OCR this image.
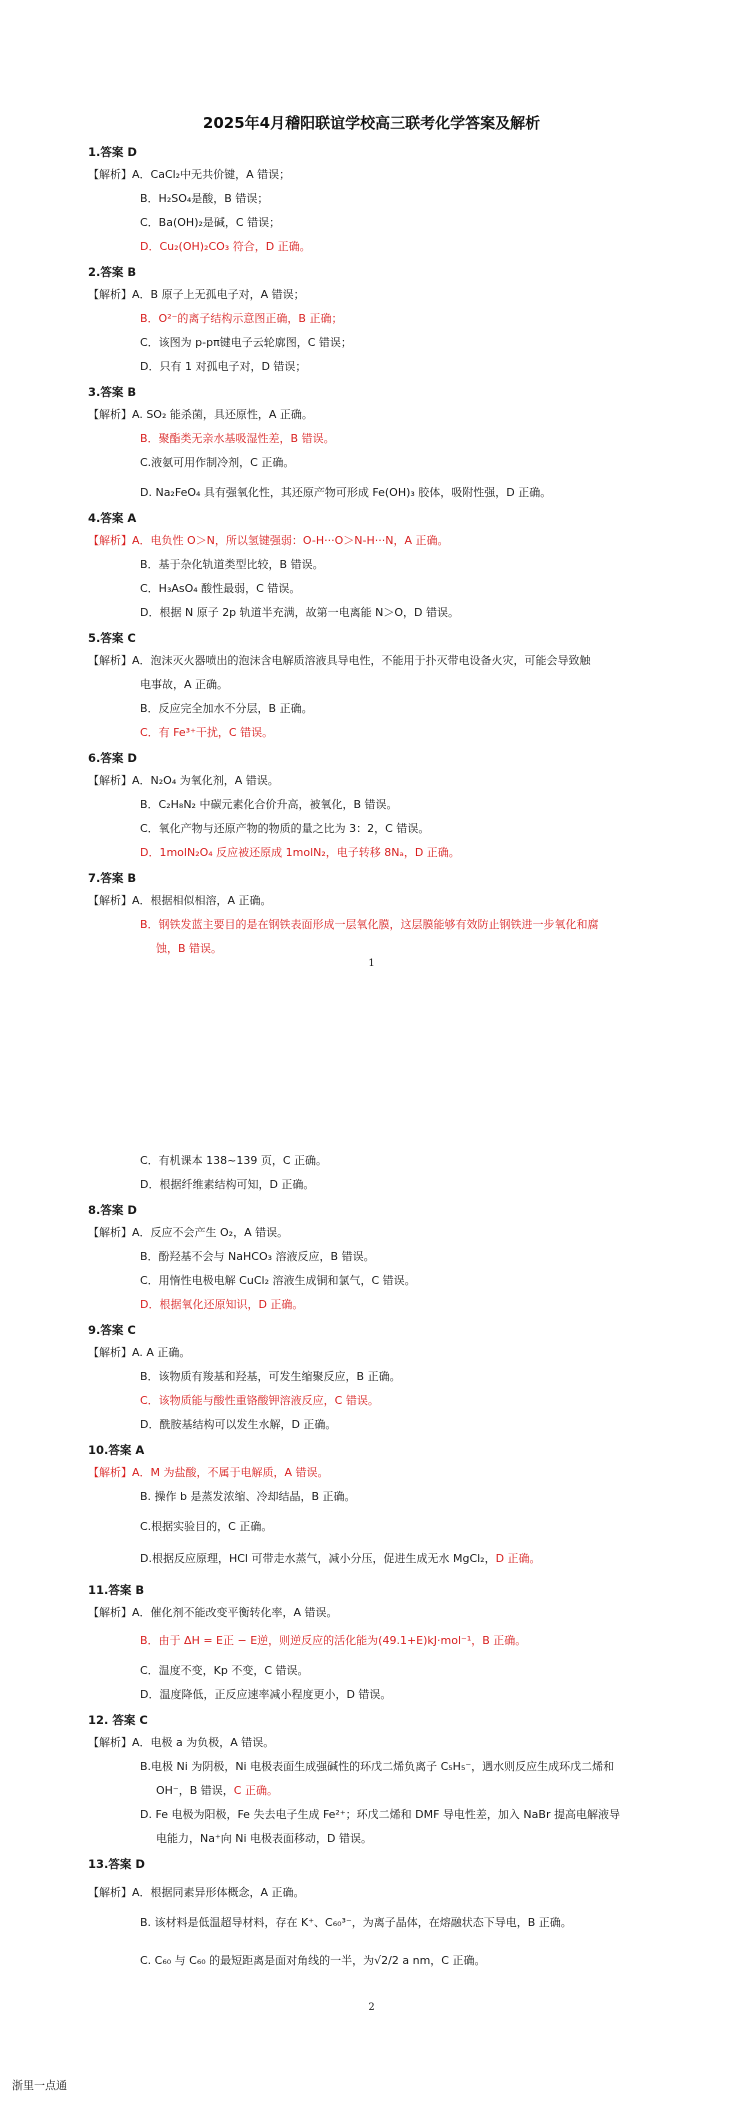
2025年4月稽阳联谊学校高三联考化学答案及解析
1.答案 D
【解析】A．CaCl₂中无共价键，A 错误；
B．H₂SO₄是酸，B 错误；
C．Ba(OH)₂是碱，C 错误；
D．Cu₂(OH)₂CO₃ 符合，D 正确。
2.答案 B
【解析】A．B 原子上无孤电子对，A 错误；
B．O²⁻的离子结构示意图正确，B 正确；
C．该图为 p-pπ键电子云轮廓图，C 错误；
D．只有 1 对孤电子对，D 错误；
3.答案 B
【解析】A. SO₂ 能杀菌，具还原性，A 正确。
B．聚酯类无亲水基吸湿性差，B 错误。
C.液氨可用作制冷剂，C 正确。
D. Na₂FeO₄ 具有强氧化性，其还原产物可形成 Fe(OH)₃ 胶体，吸附性强，D 正确。
4.答案 A
【解析】A．电负性 O＞N，所以氢键强弱：O-H···O＞N-H···N，A 正确。
B．基于杂化轨道类型比较，B 错误。
C．H₃AsO₄ 酸性最弱，C 错误。
D．根据 N 原子 2p 轨道半充满，故第一电离能 N＞O，D 错误。
5.答案 C
【解析】A．泡沫灭火器喷出的泡沫含电解质溶液具导电性，不能用于扑灭带电设备火灾，可能会导致触
电事故，A 正确。
B．反应完全加水不分层，B 正确。
C．有 Fe³⁺干扰，C 错误。
6.答案 D
【解析】A．N₂O₄ 为氧化剂，A 错误。
B．C₂H₈N₂ 中碳元素化合价升高，被氧化，B 错误。
C．氧化产物与还原产物的物质的量之比为 3：2，C 错误。
D．1molN₂O₄ 反应被还原成 1molN₂，电子转移 8Nₐ，D 正确。
7.答案 B
【解析】A．根据相似相溶，A 正确。
B．钢铁发蓝主要目的是在钢铁表面形成一层氧化膜，这层膜能够有效防止钢铁进一步氧化和腐
蚀，B 错误。
C．有机课本 138~139 页，C 正确。
D．根据纤维素结构可知，D 正确。
8.答案 D
【解析】A．反应不会产生 O₂，A 错误。
B．酚羟基不会与 NaHCO₃ 溶液反应，B 错误。
C．用惰性电极电解 CuCl₂ 溶液生成铜和氯气，C 错误。
D．根据氧化还原知识，D 正确。
9.答案 C
【解析】A. A 正确。
B．该物质有羧基和羟基，可发生缩聚反应，B 正确。
C．该物质能与酸性重铬酸钾溶液反应，C 错误。
D．酰胺基结构可以发生水解，D 正确。
10.答案 A
【解析】A．M 为盐酸，不属于电解质，A 错误。
B. 操作 b 是蒸发浓缩、冷却结晶，B 正确。
C.根据实验目的，C 正确。
D.根据反应原理，HCl 可带走水蒸气，减小分压，促进生成无水 MgCl₂，D 正确。
11.答案 B
【解析】A．催化剂不能改变平衡转化率，A 错误。
B．由于 ΔH = E正 − E逆，则逆反应的活化能为(49.1+E)kJ·mol⁻¹，B 正确。
C．温度不变，Kp 不变，C 错误。
D．温度降低，正反应速率减小程度更小，D 错误。
12. 答案 C
【解析】A．电极 a 为负极，A 错误。
B.电极 Ni 为阴极，Ni 电极表面生成强碱性的环戊二烯负离子 C₅H₅⁻，遇水则反应生成环戊二烯和
OH⁻，B 错误，C 正确。
D. Fe 电极为阳极，Fe 失去电子生成 Fe²⁺；环戊二烯和 DMF 导电性差，加入 NaBr 提高电解液导
电能力，Na⁺向 Ni 电极表面移动，D 错误。
13.答案 D
【解析】A．根据同素异形体概念，A 正确。
B. 该材料是低温超导材料，存在 K⁺、C₆₀³⁻，为离子晶体，在熔融状态下导电，B 正确。
C. C₆₀ 与 C₆₀ 的最短距离是面对角线的一半，为√2/2 a nm，C 正确。
1
2
浙里一点通
